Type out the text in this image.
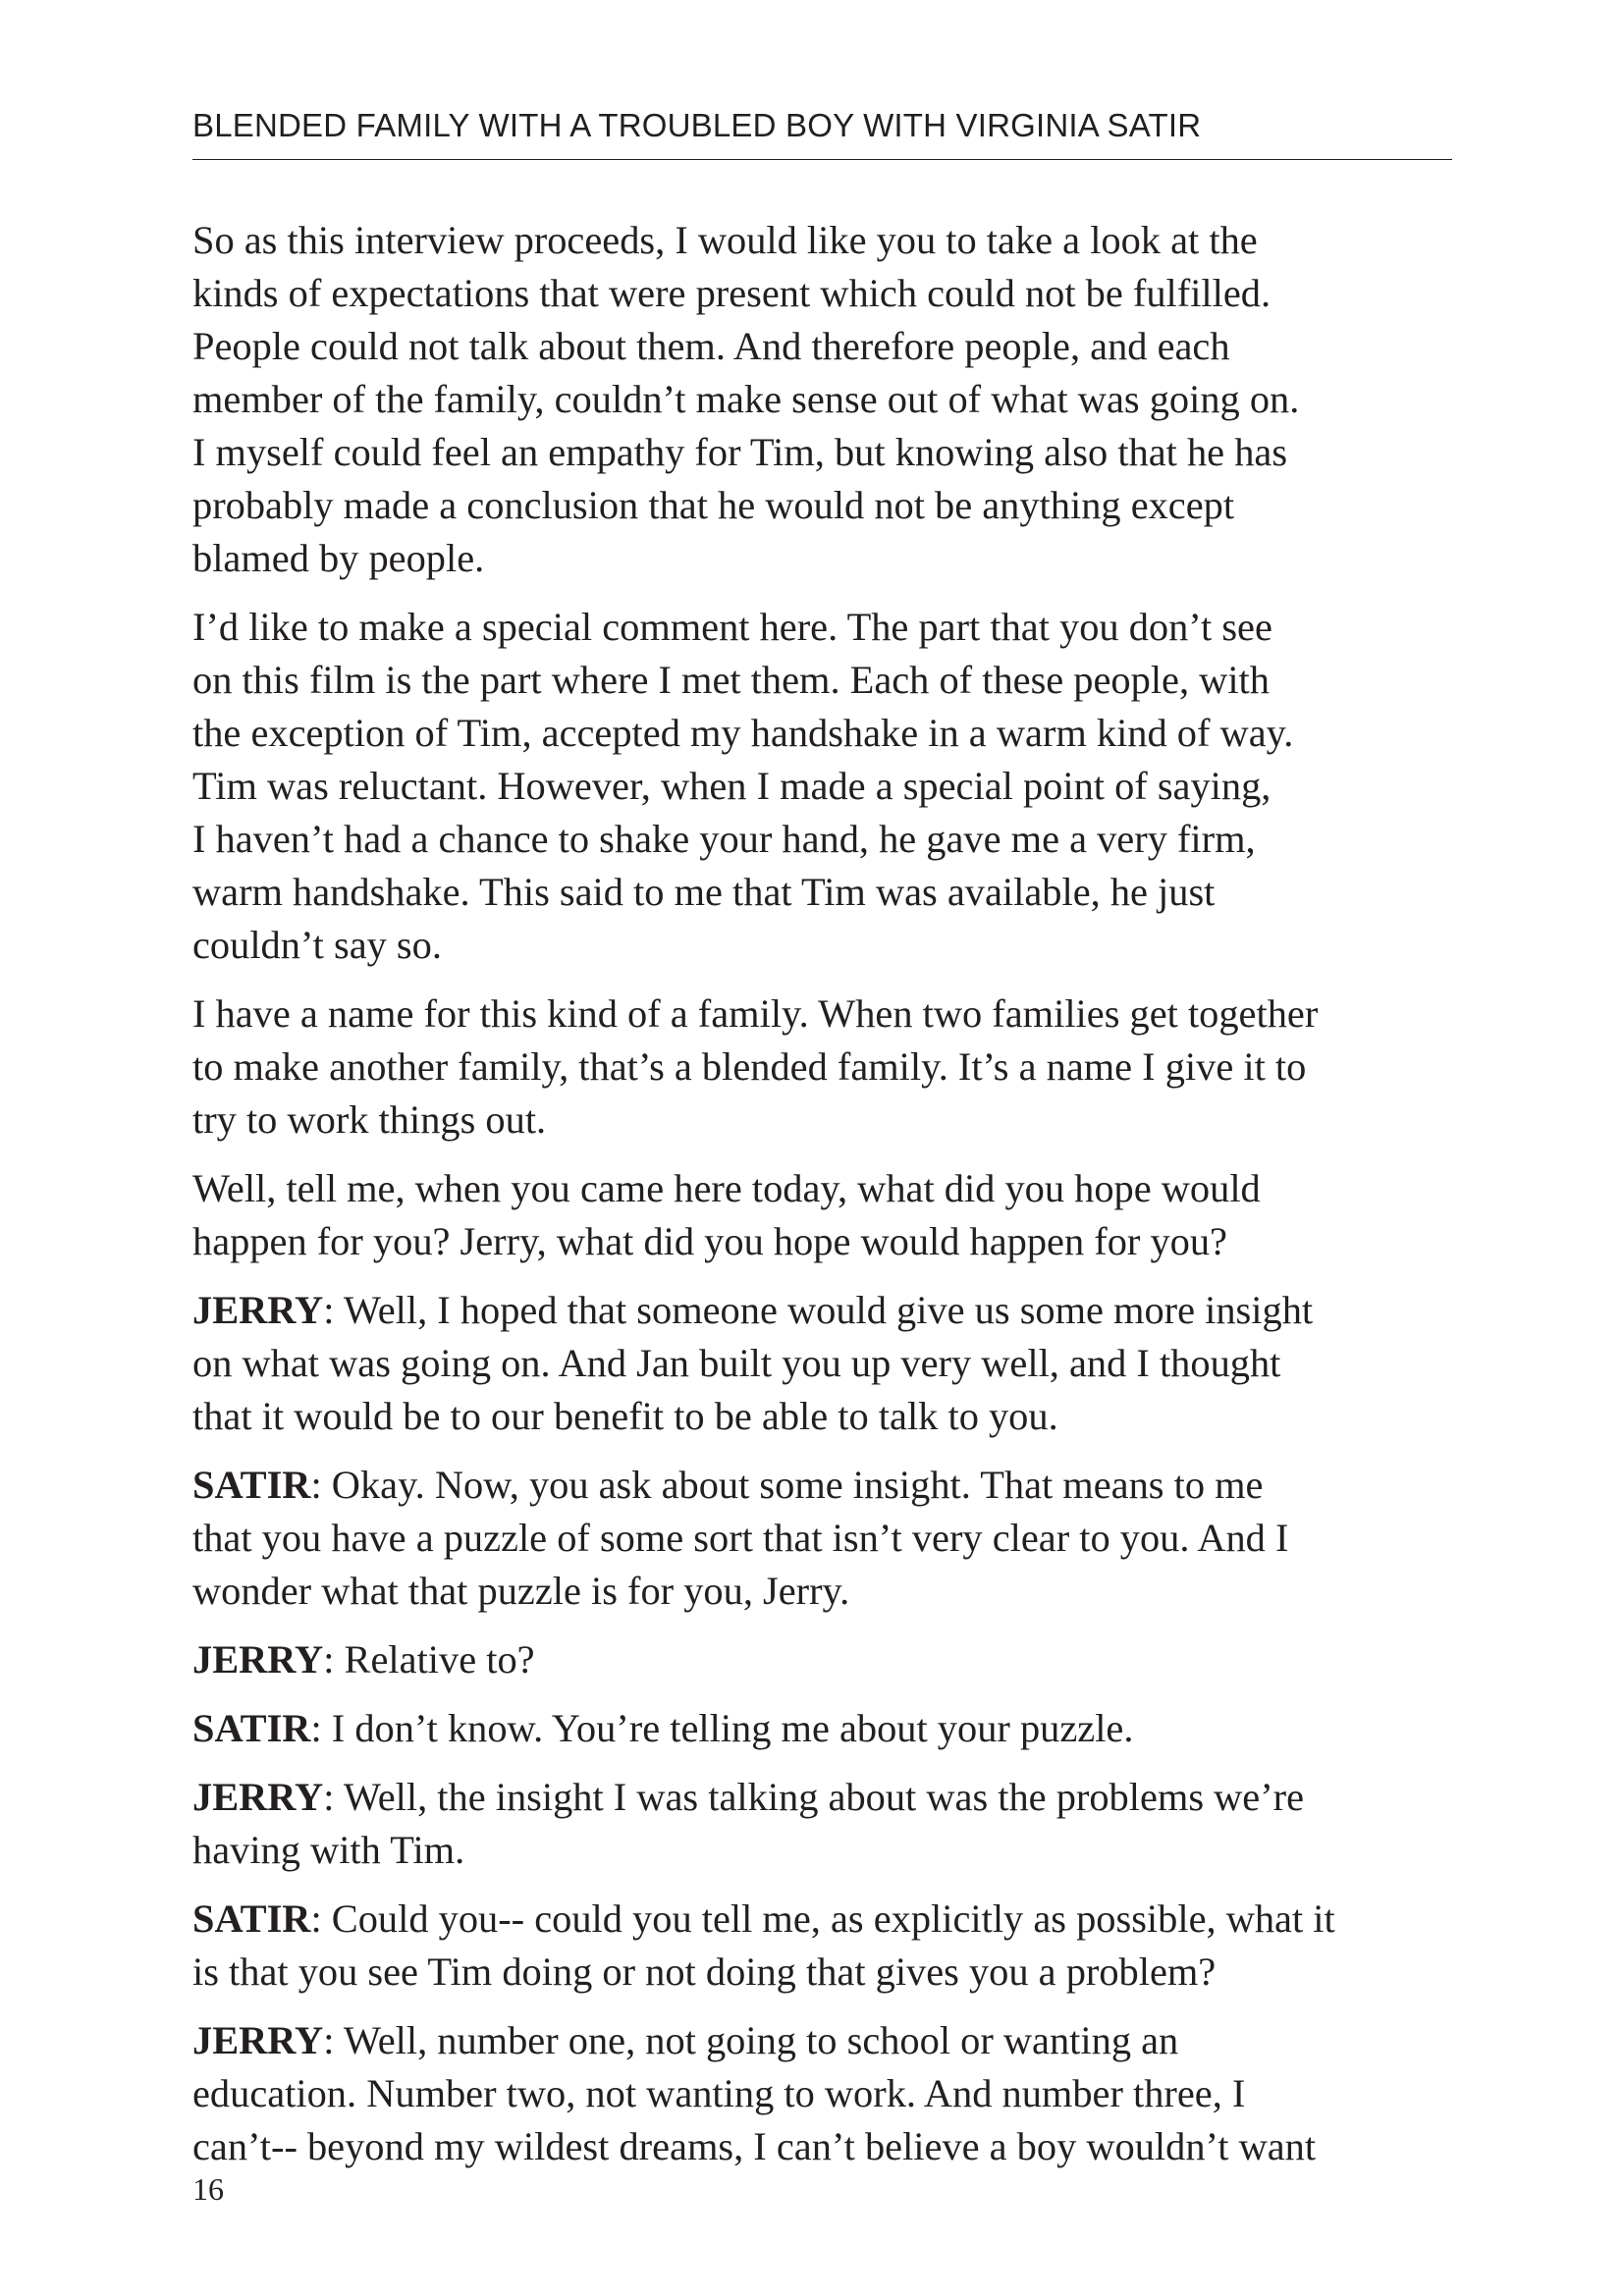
BLENDED FAMILY WITH A TROUBLED BOY WITH VIRGINIA SATIR

So as this interview proceeds, I would like you to take a look at the
kinds of expectations that were present which could not be fulfilled.
People could not talk about them. And therefore people, and each
member of the family, couldn’t make sense out of what was going on.
I myself could feel an empathy for Tim, but knowing also that he has
probably made a conclusion that he would not be anything except
blamed by people.

I’d like to make a special comment here. The part that you don’t see
on this film is the part where I met them. Each of these people, with
the exception of Tim, accepted my handshake in a warm kind of way.
Tim was reluctant. However, when I made a special point of saying,
I haven’t had a chance to shake your hand, he gave me a very firm,
warm handshake. This said to me that Tim was available, he just
couldn’t say so.

I have a name for this kind of a family. When two families get together
to make another family, that’s a blended family. It’s a name I give it to
try to work things out.

Well, tell me, when you came here today, what did you hope would
happen for you? Jerry, what did you hope would happen for you?

JERRY: Well, I hoped that someone would give us some more insight
on what was going on. And Jan built you up very well, and I thought
that it would be to our benefit to be able to talk to you.

SATIR: Okay. Now, you ask about some insight. That means to me
that you have a puzzle of some sort that isn’t very clear to you. And I
wonder what that puzzle is for you, Jerry.

JERRY: Relative to?

SATIR: I don’t know. You’re telling me about your puzzle.

JERRY: Well, the insight I was talking about was the problems we’re
having with Tim.

SATIR: Could you-- could you tell me, as explicitly as possible, what it
is that you see Tim doing or not doing that gives you a problem?

JERRY: Well, number one, not going to school or wanting an
education. Number two, not wanting to work. And number three, I
can’t-- beyond my wildest dreams, I can’t believe a boy wouldn’t want

16
